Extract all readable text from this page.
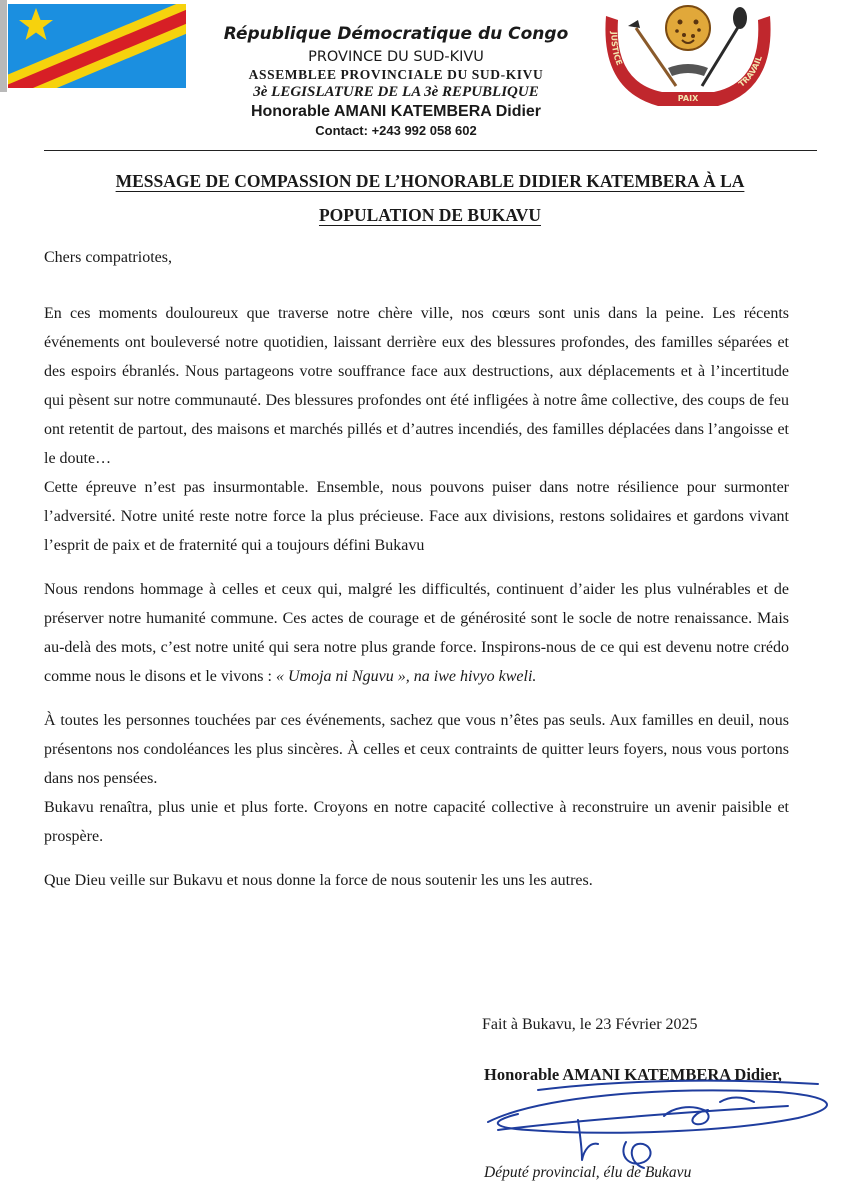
République Démocratique du Congo
PROVINCE DU SUD-KIVU
ASSEMBLEE PROVINCIALE DU SUD-KIVU
3è LEGISLATURE DE LA 3è REPUBLIQUE
Honorable AMANI KATEMBERA Didier
Contact: +243 992 058 602
JUSTICE
TRAVAIL
PAIX
MESSAGE DE COMPASSION DE L’HONORABLE DIDIER KATEMBERA À LA
POPULATION DE BUKAVU

Chers compatriotes,

En ces moments douloureux que traverse notre chère ville, nos cœurs sont unis dans la peine. Les récents événements ont bouleversé notre quotidien, laissant derrière eux des blessures profondes, des familles séparées et des espoirs ébranlés. Nous partageons votre souffrance face aux destructions, aux déplacements et à l’incertitude qui pèsent sur notre communauté. Des blessures profondes ont été infligées à notre âme collective, des coups de feu ont retentit de partout, des maisons et marchés pillés et d’autres incendiés, des familles déplacées dans l’angoisse et le doute…

Cette épreuve n’est pas insurmontable. Ensemble, nous pouvons puiser dans notre résilience pour surmonter l’adversité. Notre unité reste notre force la plus précieuse. Face aux divisions, restons solidaires et gardons vivant l’esprit de paix et de fraternité qui a toujours défini Bukavu

Nous rendons hommage à celles et ceux qui, malgré les difficultés, continuent d’aider les plus vulnérables et de préserver notre humanité commune. Ces actes de courage et de générosité sont le socle de notre renaissance. Mais au-delà des mots, c’est notre unité qui sera notre plus grande force. Inspirons-nous de ce qui est devenu notre crédo comme nous le disons et le vivons : « Umoja ni Nguvu », na iwe hivyo kweli.

À toutes les personnes touchées par ces événements, sachez que vous n’êtes pas seuls. Aux familles en deuil, nous présentons nos condoléances les plus sincères. À celles et ceux contraints de quitter leurs foyers, nous vous portons dans nos pensées.

Bukavu renaîtra, plus unie et plus forte. Croyons en notre capacité collective à reconstruire un avenir paisible et prospère.

Que Dieu veille sur Bukavu et nous donne la force de nous soutenir les uns les autres.

Fait à Bukavu, le 23 Février 2025
Honorable AMANI KATEMBERA Didier,
Député provincial, élu de Bukavu
